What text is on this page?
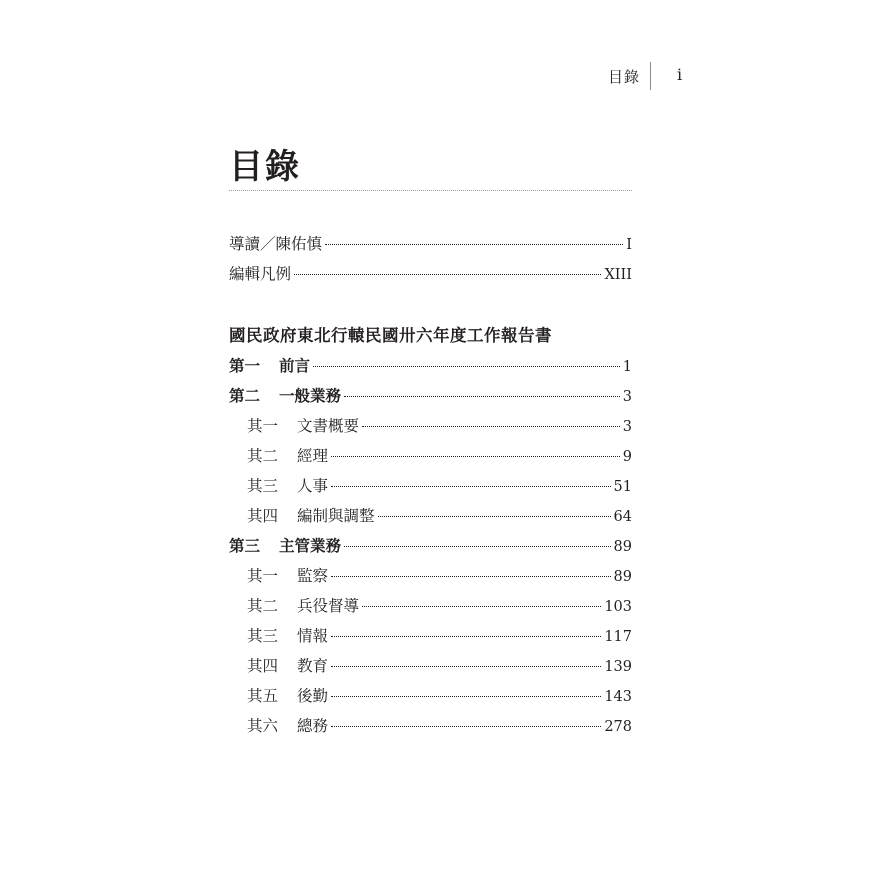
目錄 i
目錄
導讀／陳佑慎	I
編輯凡例	XIII
國民政府東北行轅民國卅六年度工作報告書
第一	前言	1
第二	一般業務	3
其一	文書概要	3
其二	經理	9
其三	人事	51
其四	編制與調整	64
第三	主管業務	89
其一	監察	89
其二	兵役督導	103
其三	情報	117
其四	教育	139
其五	後勤	143
其六	總務	278
